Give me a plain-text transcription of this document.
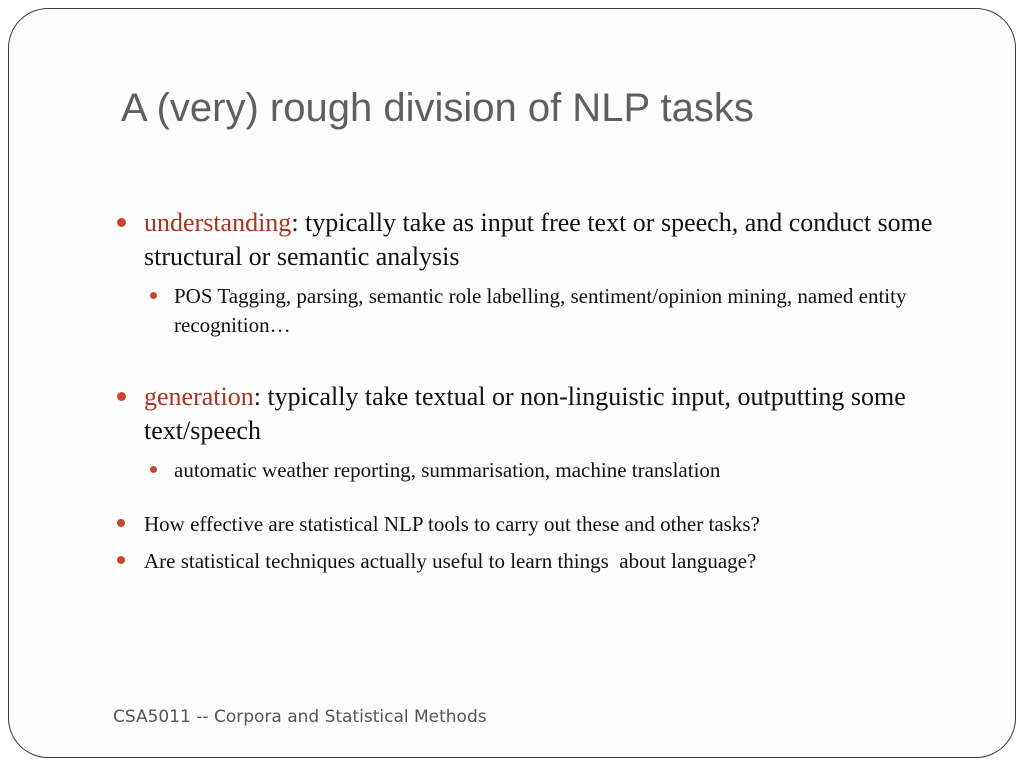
A (very) rough division of NLP tasks
understanding: typically take as input free text or speech, and conduct some structural or semantic analysis
POS Tagging, parsing, semantic role labelling, sentiment/opinion mining, named entity recognition…
generation: typically take textual or non-linguistic input, outputting some text/speech
automatic weather reporting, summarisation, machine translation
How effective are statistical NLP tools to carry out these and other tasks?
Are statistical techniques actually useful to learn things  about language?
CSA5011 -- Corpora and Statistical Methods
